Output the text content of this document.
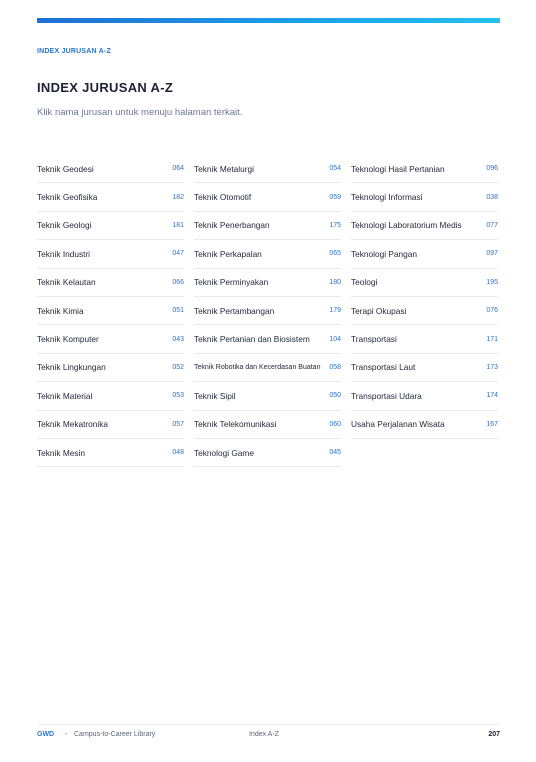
INDEX JURUSAN A-Z
INDEX JURUSAN A-Z
Klik nama jurusan untuk menuju halaman terkait.
Teknik Geodesi	064
Teknik Geofisika	182
Teknik Geologi	181
Teknik Industri	047
Teknik Kelautan	066
Teknik Kimia	051
Teknik Komputer	043
Teknik Lingkungan	052
Teknik Material	053
Teknik Mekatronika	057
Teknik Mesin	048
Teknik Metalurgi	054
Teknik Otomotif	059
Teknik Penerbangan	175
Teknik Perkapalan	065
Teknik Perminyakan	180
Teknik Pertambangan	179
Teknik Pertanian dan Biosistem	104
Teknik Robotika dan Kecerdasan Buatan 058
Teknik Sipil	050
Teknik Telekomunikasi	060
Teknologi Game	045
Teknologi Hasil Pertanian	096
Teknologi Informasi	038
Teknologi Laboratorium Medis	077
Teknologi Pangan	097
Teologi	195
Terapi Okupasi	076
Transportasi	171
Transportasi Laut	173
Transportasi Udara	174
Usaha Perjalanan Wisata	167
GWD - Campus-to-Career Library	Index A-Z	207
